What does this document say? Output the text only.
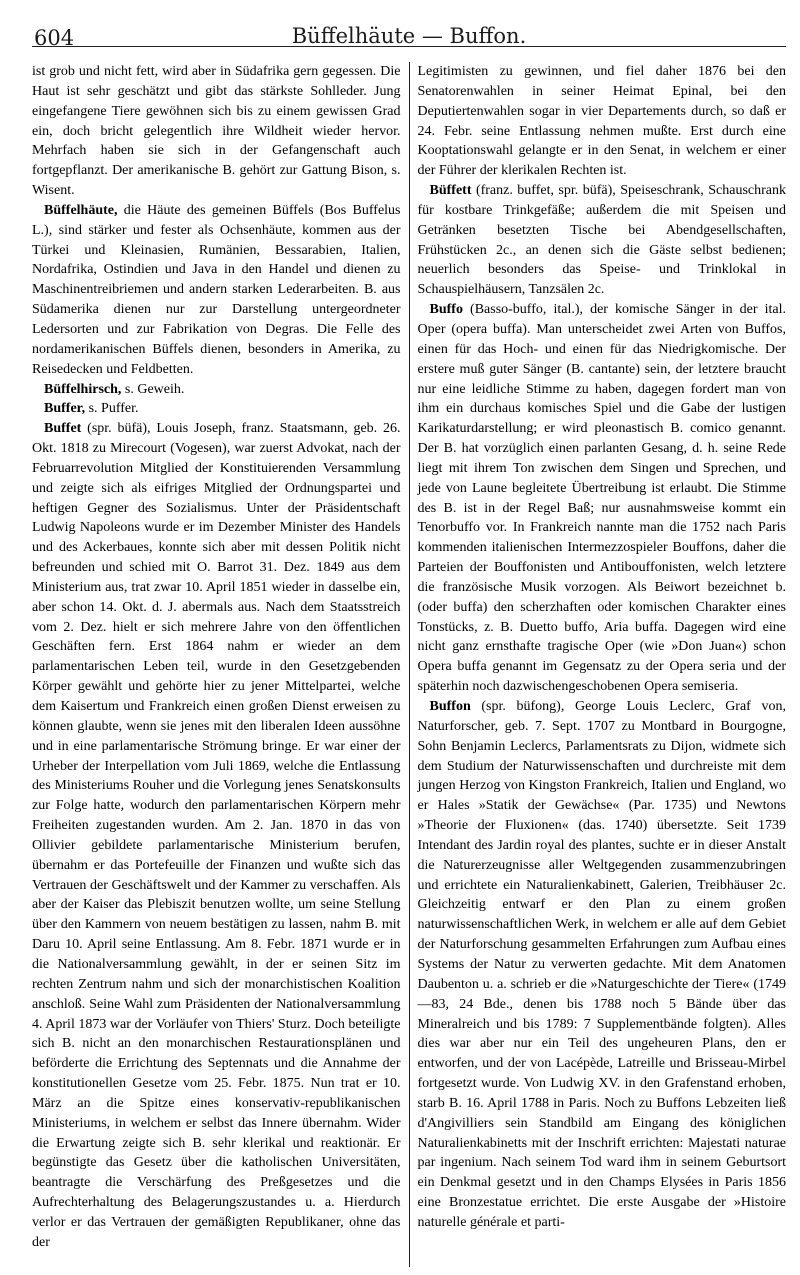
604	Büffelhäute — Buffon.

ist grob und nicht fett, wird aber in Südafrika gern gegessen. Die Haut ist sehr geschätzt und gibt das stärkste Sohlleder. Jung eingefangene Tiere gewöhnen sich bis zu einem gewissen Grad ein, doch bricht gelegentlich ihre Wildheit wieder hervor. Mehrfach haben sie sich in der Gefangenschaft auch fortgepflanzt. Der amerikanische B. gehört zur Gattung Bison, s. Wisent.

Büffelhäute, die Häute des gemeinen Büffels (Bos Buffelus L.), sind stärker und fester als Ochsenhäute, kommen aus der Türkei und Kleinasien, Rumänien, Bessarabien, Italien, Nordafrika, Ostindien und Java in den Handel und dienen zu Maschinentreibriemen und andern starken Lederarbeiten. B. aus Südamerika dienen nur zur Darstellung untergeordneter Ledersorten und zur Fabrikation von Degras. Die Felle des nordamerikanischen Büffels dienen, besonders in Amerika, zu Reisedecken und Feldbetten.

Büffelhirsch, s. Geweih.

Buffer, s. Puffer.

Buffet (spr. büfä), Louis Joseph, franz. Staatsmann, geb. 26. Okt. 1818 zu Mirecourt (Vogesen), war zuerst Advokat, nach der Februarrevolution Mitglied der Konstituierenden Versammlung und zeigte sich als eifriges Mitglied der Ordnungspartei und heftigen Gegner des Sozialismus. Unter der Präsidentschaft Ludwig Napoleons wurde er im Dezember Minister des Handels und des Ackerbaues, konnte sich aber mit dessen Politik nicht befreunden und schied mit O. Barrot 31. Dez. 1849 aus dem Ministerium aus, trat zwar 10. April 1851 wieder in dasselbe ein, aber schon 14. Okt. d. J. abermals aus. Nach dem Staatsstreich vom 2. Dez. hielt er sich mehrere Jahre von den öffentlichen Geschäften fern. Erst 1864 nahm er wieder an dem parlamentarischen Leben teil, wurde in den Gesetzgebenden Körper gewählt und gehörte hier zu jener Mittelpartei, welche dem Kaisertum und Frankreich einen großen Dienst erweisen zu können glaubte, wenn sie jenes mit den liberalen Ideen aussöhne und in eine parlamentarische Strömung bringe. Er war einer der Urheber der Interpellation vom Juli 1869, welche die Entlassung des Ministeriums Rouher und die Vorlegung jenes Senatskonsults zur Folge hatte, wodurch den parlamentarischen Körpern mehr Freiheiten zugestanden wurden. Am 2. Jan. 1870 in das von Ollivier gebildete parlamentarische Ministerium berufen, übernahm er das Portefeuille der Finanzen und wußte sich das Vertrauen der Geschäftswelt und der Kammer zu verschaffen. Als aber der Kaiser das Plebiszit benutzen wollte, um seine Stellung über den Kammern von neuem bestätigen zu lassen, nahm B. mit Daru 10. April seine Entlassung. Am 8. Febr. 1871 wurde er in die Nationalversammlung gewählt, in der er seinen Sitz im rechten Zentrum nahm und sich der monarchistischen Koalition anschloß. Seine Wahl zum Präsidenten der Nationalversammlung 4. April 1873 war der Vorläufer von Thiers' Sturz. Doch beteiligte sich B. nicht an den monarchischen Restaurationsplänen und beförderte die Errichtung des Septennats und die Annahme der konstitutionellen Gesetze vom 25. Febr. 1875. Nun trat er 10. März an die Spitze eines konservativ-republikanischen Ministeriums, in welchem er selbst das Innere übernahm. Wider die Erwartung zeigte sich B. sehr klerikal und reaktionär. Er begünstigte das Gesetz über die katholischen Universitäten, beantragte die Verschärfung des Preßgesetzes und die Aufrechterhaltung des Belagerungszustandes u. a. Hierdurch verlor er das Vertrauen der gemäßigten Republikaner, ohne das der

Legitimisten zu gewinnen, und fiel daher 1876 bei den Senatorenwahlen in seiner Heimat Epinal, bei den Deputiertenwahlen sogar in vier Departements durch, so daß er 24. Febr. seine Entlassung nehmen mußte. Erst durch eine Kooptationswahl gelangte er in den Senat, in welchem er einer der Führer der klerikalen Rechten ist.

Büffett (franz. buffet, spr. büfä), Speiseschrank, Schauschrank für kostbare Trinkgefäße; außerdem die mit Speisen und Getränken besetzten Tische bei Abendgesellschaften, Frühstücken 2c., an denen sich die Gäste selbst bedienen; neuerlich besonders das Speise- und Trinklokal in Schauspielhäusern, Tanzsälen 2c.

Buffo (Basso-buffo, ital.), der komische Sänger in der ital. Oper (opera buffa). Man unterscheidet zwei Arten von Buffos, einen für das Hoch- und einen für das Niedrigkomische. Der erstere muß guter Sänger (B. cantante) sein, der letztere braucht nur eine leidliche Stimme zu haben, dagegen fordert man von ihm ein durchaus komisches Spiel und die Gabe der lustigen Karikaturdarstellung; er wird pleonastisch B. comico genannt. Der B. hat vorzüglich einen parlanten Gesang, d. h. seine Rede liegt mit ihrem Ton zwischen dem Singen und Sprechen, und jede von Laune begleitete Übertreibung ist erlaubt. Die Stimme des B. ist in der Regel Baß; nur ausnahmsweise kommt ein Tenorbuffo vor. In Frankreich nannte man die 1752 nach Paris kommenden italienischen Intermezzospieler Bouffons, daher die Parteien der Bouffonisten und Antibouffonisten, welch letztere die französische Musik vorzogen. Als Beiwort bezeichnet b. (oder buffa) den scherzhaften oder komischen Charakter eines Tonstücks, z. B. Duetto buffo, Aria buffa. Dagegen wird eine nicht ganz ernsthafte tragische Oper (wie »Don Juan«) schon Opera buffa genannt im Gegensatz zu der Opera seria und der späterhin noch dazwischengeschobenen Opera semiseria.

Buffon (spr. büfong), George Louis Leclerc, Graf von, Naturforscher, geb. 7. Sept. 1707 zu Montbard in Bourgogne, Sohn Benjamin Leclercs, Parlamentsrats zu Dijon, widmete sich dem Studium der Naturwissenschaften und durchreiste mit dem jungen Herzog von Kingston Frankreich, Italien und England, wo er Hales »Statik der Gewächse« (Par. 1735) und Newtons »Theorie der Fluxionen« (das. 1740) übersetzte. Seit 1739 Intendant des Jardin royal des plantes, suchte er in dieser Anstalt die Naturerzeugnisse aller Weltgegenden zusammenzubringen und errichtete ein Naturalienkabinett, Galerien, Treibhäuser 2c. Gleichzeitig entwarf er den Plan zu einem großen naturwissenschaftlichen Werk, in welchem er alle auf dem Gebiet der Naturforschung gesammelten Erfahrungen zum Aufbau eines Systems der Natur zu verwerten gedachte. Mit dem Anatomen Daubenton u. a. schrieb er die »Naturgeschichte der Tiere« (1749—83, 24 Bde., denen bis 1788 noch 5 Bände über das Mineralreich und bis 1789: 7 Supplementbände folgten). Alles dies war aber nur ein Teil des ungeheuren Plans, den er entworfen, und der von Lacépède, Latreille und Brisseau-Mirbel fortgesetzt wurde. Von Ludwig XV. in den Grafenstand erhoben, starb B. 16. April 1788 in Paris. Noch zu Buffons Lebzeiten ließ d'Angivilliers sein Standbild am Eingang des königlichen Naturalienkabinetts mit der Inschrift errichten: Majestati naturae par ingenium. Nach seinem Tod ward ihm in seinem Geburtsort ein Denkmal gesetzt und in den Champs Elysées in Paris 1856 eine Bronzestatue errichtet. Die erste Ausgabe der »Histoire naturelle générale et parti-
